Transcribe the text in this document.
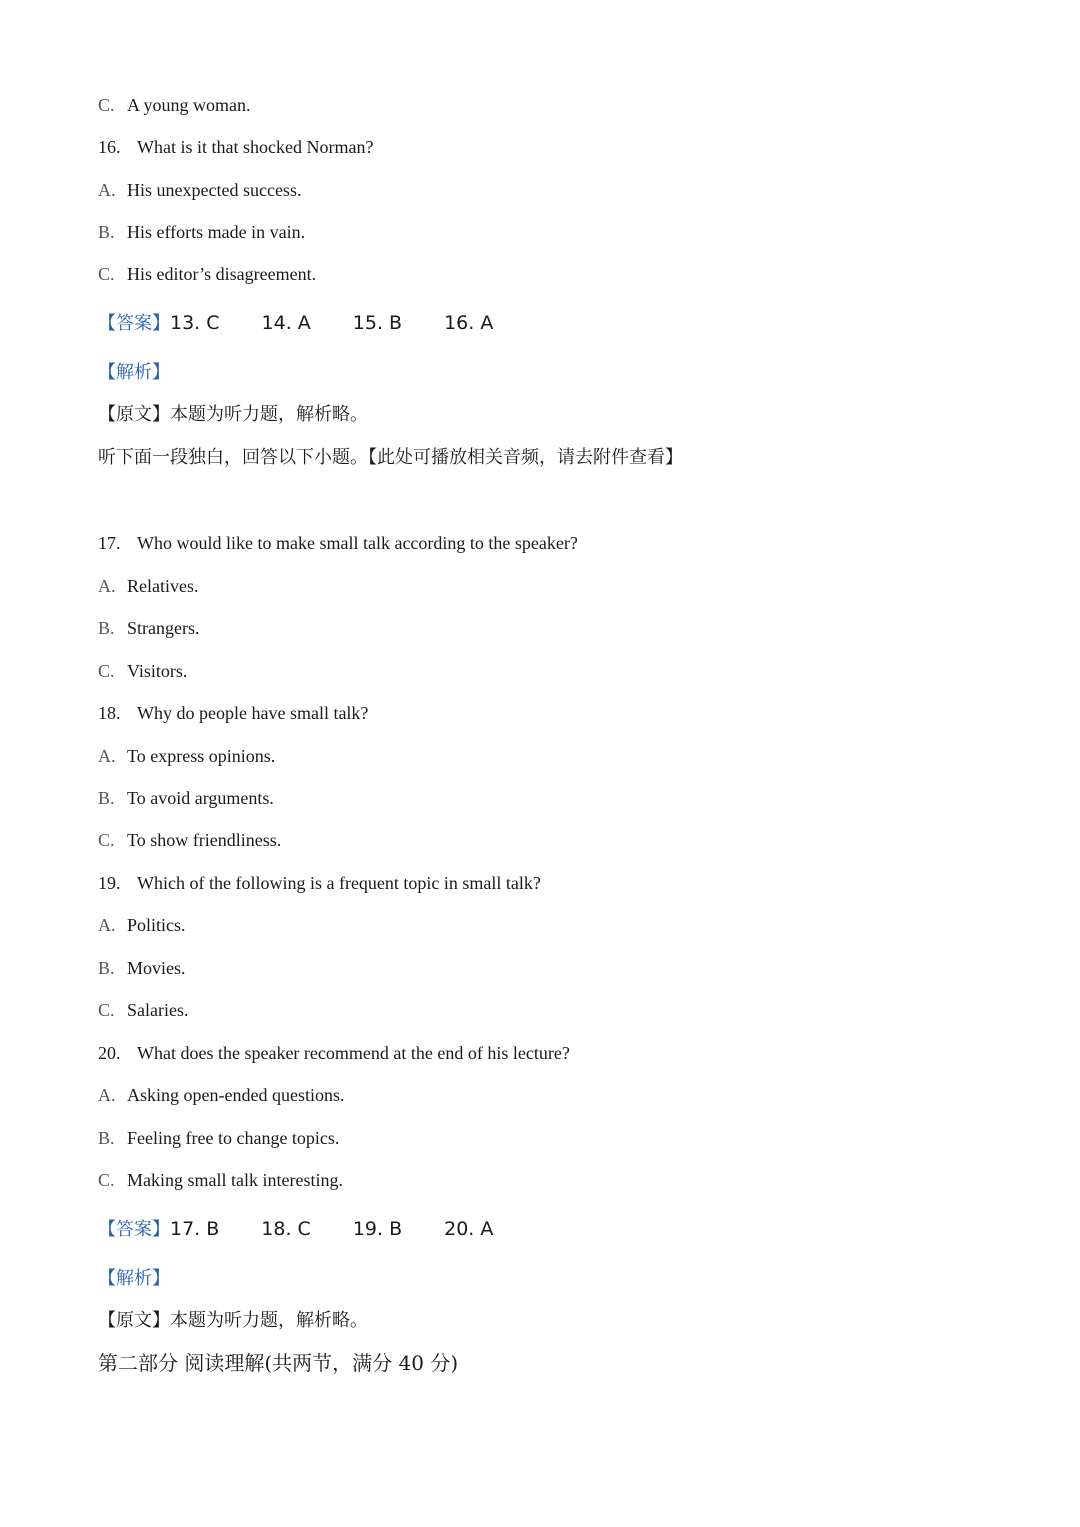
C. A young woman.
16. What is it that shocked Norman?
A. His unexpected success.
B. His efforts made in vain.
C. His editor’s disagreement.
【答案】13. C 14. A 15. B 16. A
【解析】
【原文】本题为听力题，解析略。
听下面一段独白，回答以下小题。【此处可播放相关音频，请去附件查看】
17. Who would like to make small talk according to the speaker?
A. Relatives.
B. Strangers.
C. Visitors.
18. Why do people have small talk?
A. To express opinions.
B. To avoid arguments.
C. To show friendliness.
19. Which of the following is a frequent topic in small talk?
A. Politics.
B. Movies.
C. Salaries.
20. What does the speaker recommend at the end of his lecture?
A. Asking open-ended questions.
B. Feeling free to change topics.
C. Making small talk interesting.
【答案】17. B 18. C 19. B 20. A
【解析】
【原文】本题为听力题，解析略。
第二部分 阅读理解(共两节，满分 40 分)
